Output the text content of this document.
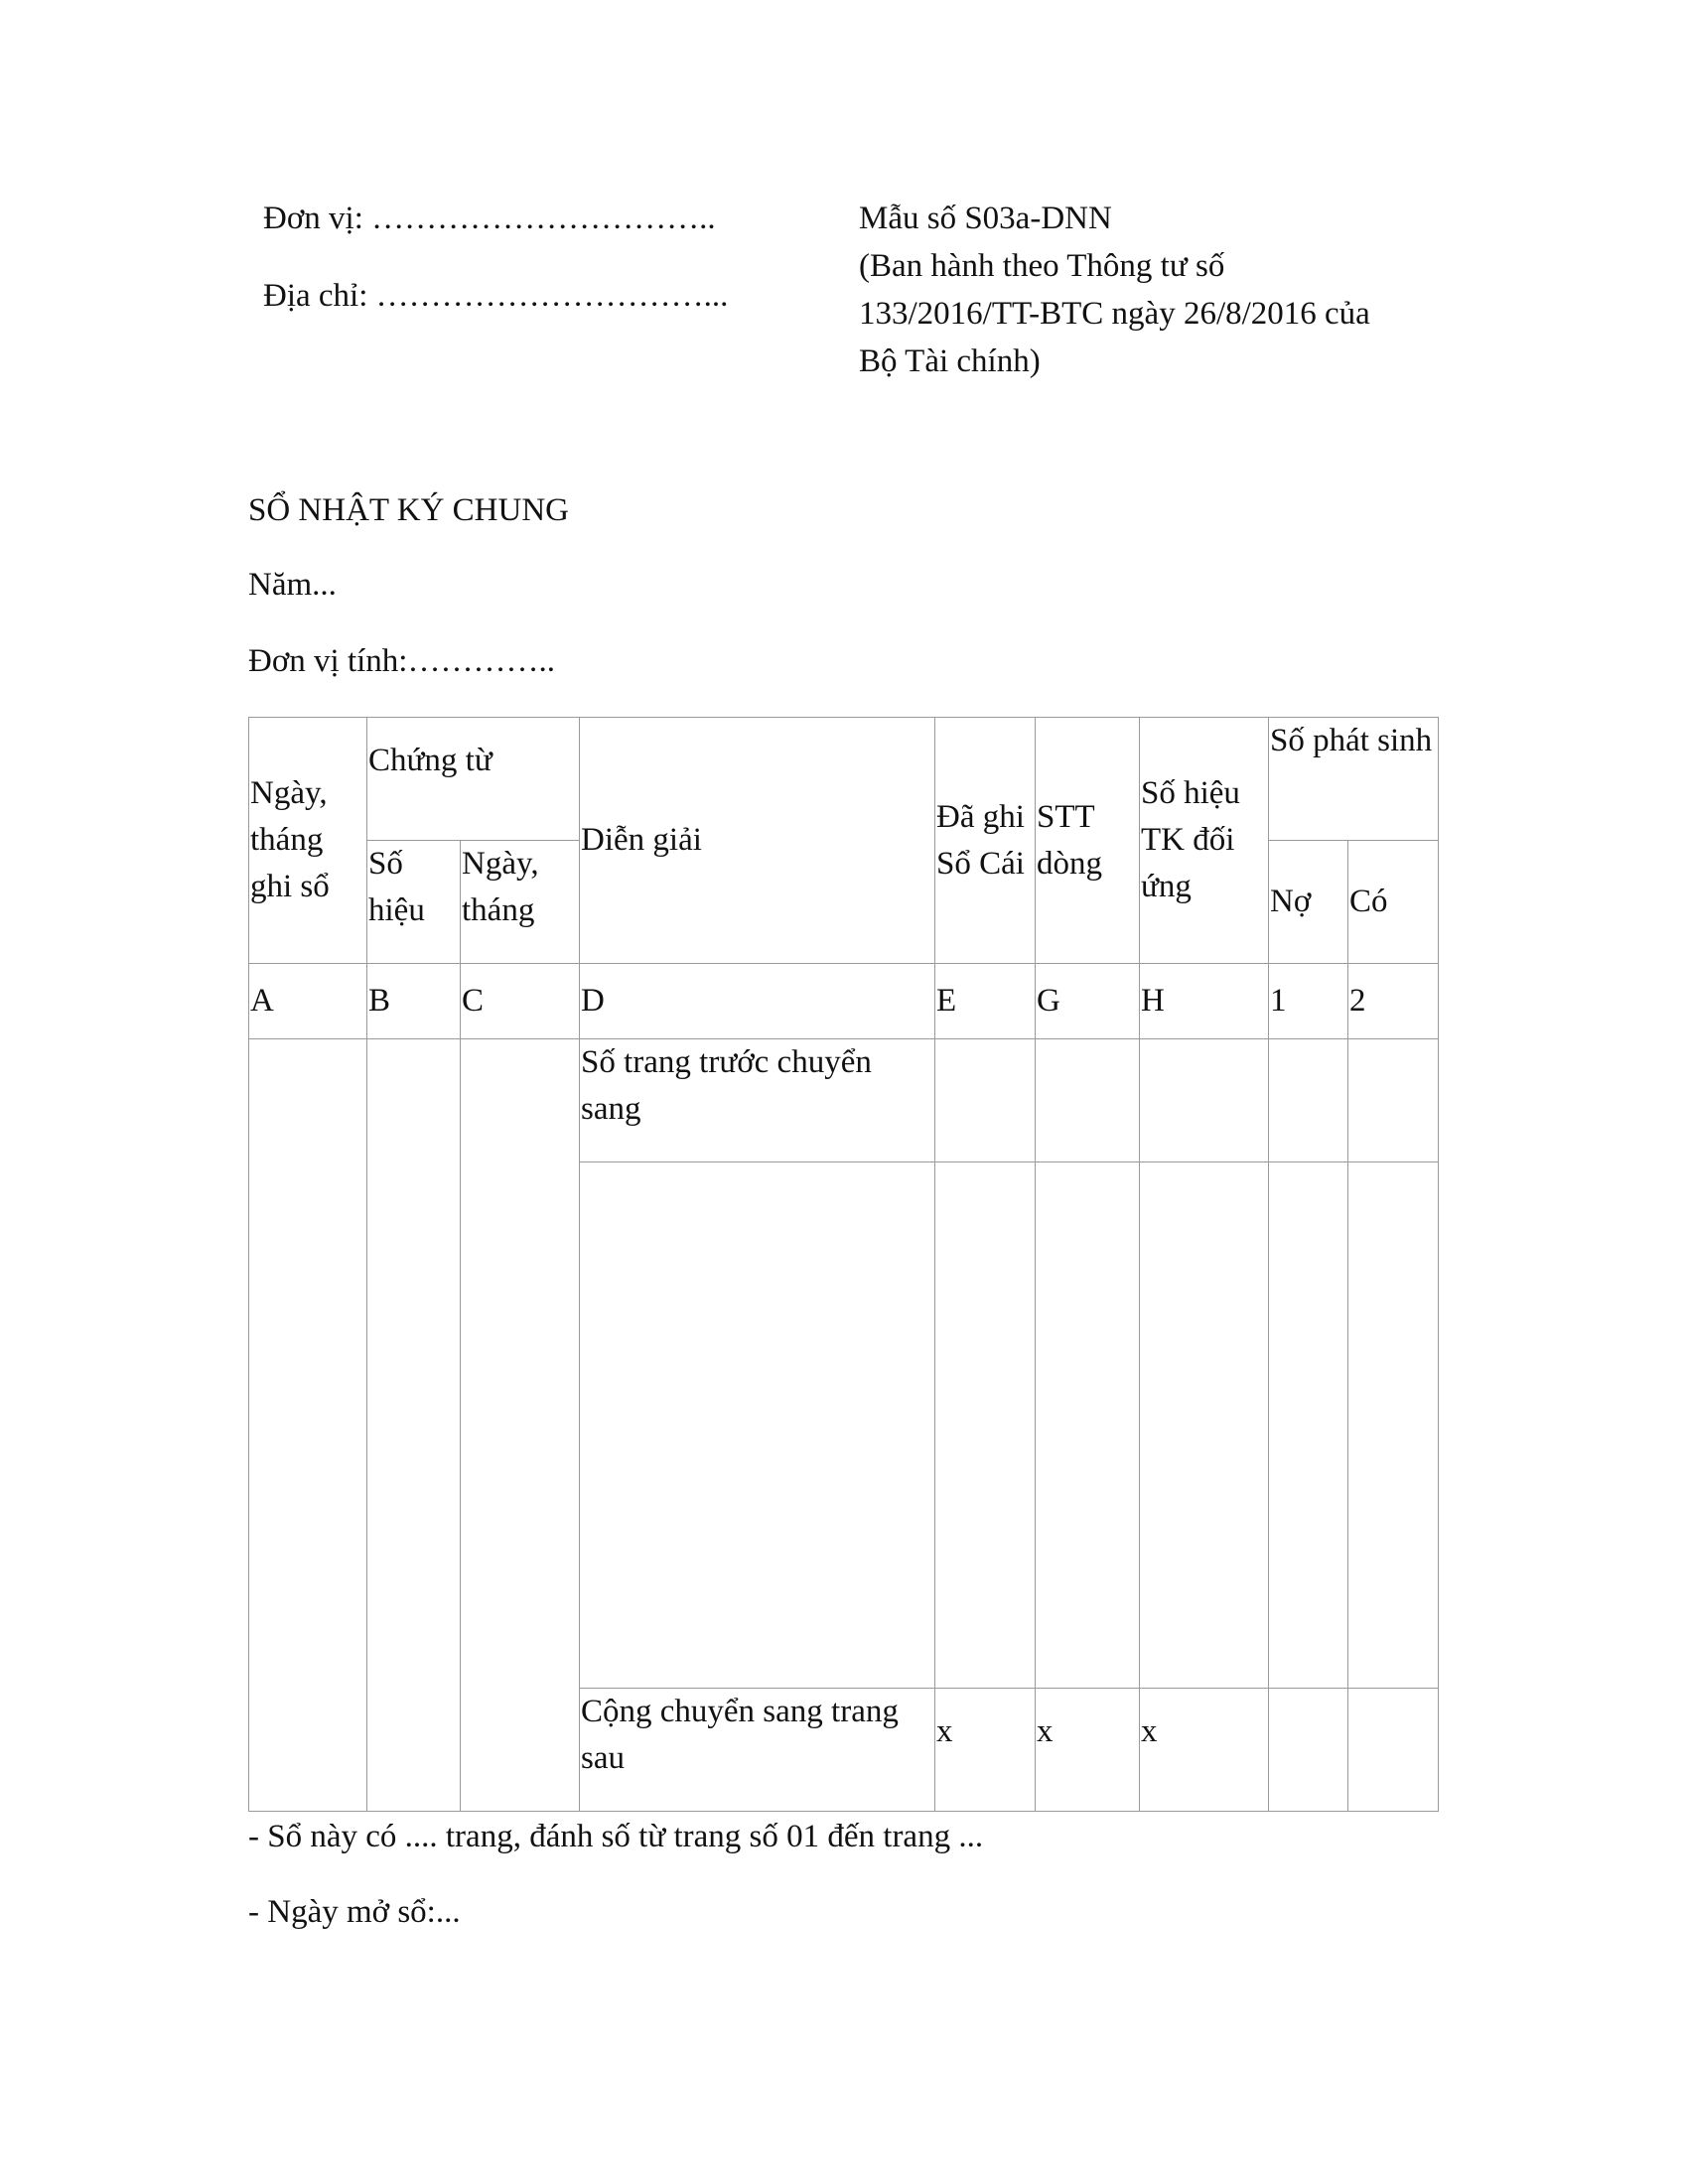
Đơn vị: …………………………..
Địa chỉ: …………………………...
Mẫu số S03a-DNN
(Ban hành theo Thông tư số
133/2016/TT-BTC ngày 26/8/2016 của
Bộ Tài chính)
SỔ NHẬT KÝ CHUNG
Năm...
Đơn vị tính:…………..
Ngày, tháng ghi sổ	Chứng từ		Diễn giải	Đã ghi Sổ Cái	STT dòng	Số hiệu TK đối ứng	Số phát sinh	
	Số hiệu	Ngày, tháng					Nợ	Có
A	B	C	D	E	G	H	1	2
			Số trang trước chuyển sang					

			Cộng chuyển sang trang sau	x	x	x		
- Sổ này có .... trang, đánh số từ trang số 01 đến trang ...
- Ngày mở sổ:...
